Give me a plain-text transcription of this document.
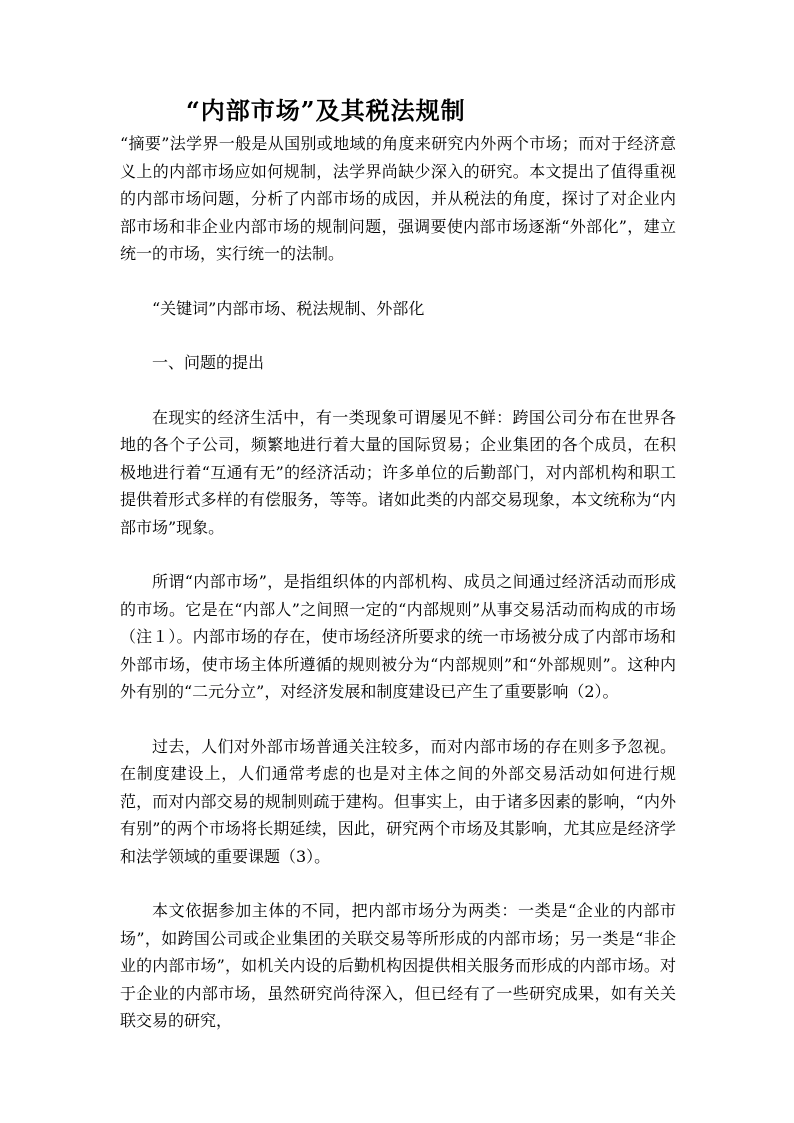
“内部市场”及其税法规制

“摘要”法学界一般是从国别或地域的角度来研究内外两个市场；而对于经济意义上的内部市场应如何规制，法学界尚缺少深入的研究。本文提出了值得重视的内部市场问题，分析了内部市场的成因，并从税法的角度，探讨了对企业内部市场和非企业内部市场的规制问题，强调要使内部市场逐渐“外部化”，建立统一的市场，实行统一的法制。

“关键词”内部市场、税法规制、外部化

一、问题的提出

在现实的经济生活中，有一类现象可谓屡见不鲜：跨国公司分布在世界各地的各个子公司，频繁地进行着大量的国际贸易；企业集团的各个成员，在积极地进行着“互通有无”的经济活动；许多单位的后勤部门，对内部机构和职工提供着形式多样的有偿服务，等等。诸如此类的内部交易现象，本文统称为“内部市场”现象。

所谓“内部市场”，是指组织体的内部机构、成员之间通过经济活动而形成的市场。它是在“内部人”之间照一定的“内部规则”从事交易活动而构成的市场（注１）。内部市场的存在，使市场经济所要求的统一市场被分成了内部市场和外部市场，使市场主体所遵循的规则被分为“内部规则”和“外部规则”。这种内外有别的“二元分立”，对经济发展和制度建设已产生了重要影响（2）。

过去，人们对外部市场普通关注较多，而对内部市场的存在则多予忽视。在制度建设上，人们通常考虑的也是对主体之间的外部交易活动如何进行规范，而对内部交易的规制则疏于建构。但事实上，由于诸多因素的影响，“内外有别”的两个市场将长期延续，因此，研究两个市场及其影响，尤其应是经济学和法学领域的重要课题（3）。

本文依据参加主体的不同，把内部市场分为两类：一类是“企业的内部市场”，如跨国公司或企业集团的关联交易等所形成的内部市场；另一类是“非企业的内部市场”，如机关内设的后勤机构因提供相关服务而形成的内部市场。对于企业的内部市场，虽然研究尚待深入，但已经有了一些研究成果，如有关关联交易的研究，
